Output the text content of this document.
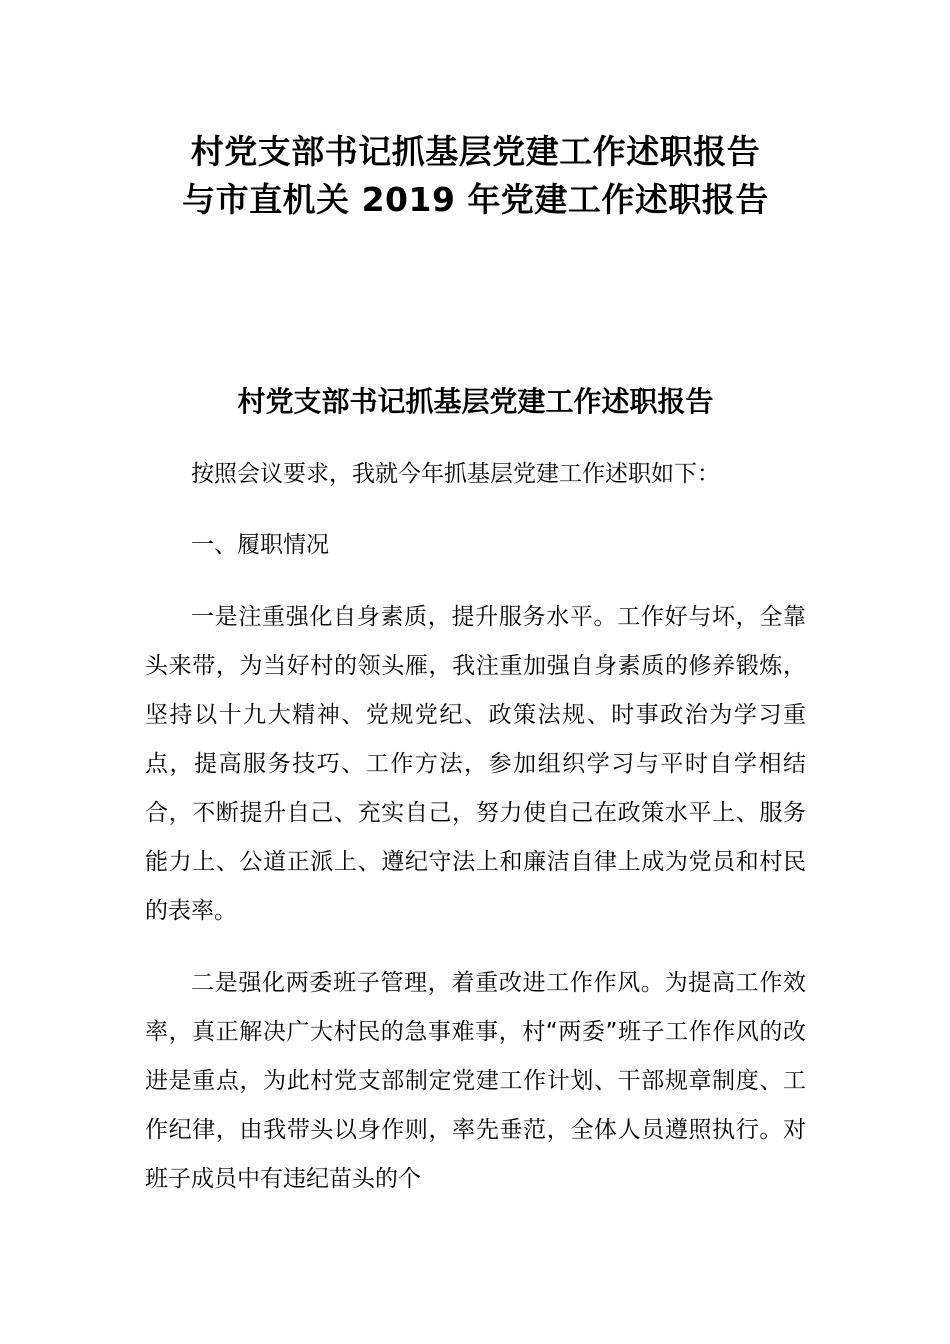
村党支部书记抓基层党建工作述职报告
与市直机关 2019 年党建工作述职报告
村党支部书记抓基层党建工作述职报告

按照会议要求，我就今年抓基层党建工作述职如下：

一、履职情况

一是注重强化自身素质，提升服务水平。工作好与坏，全靠头来带，为当好村的领头雁，我注重加强自身素质的修养锻炼，坚持以十九大精神、党规党纪、政策法规、时事政治为学习重点，提高服务技巧、工作方法，参加组织学习与平时自学相结合，不断提升自己、充实自己，努力使自己在政策水平上、服务能力上、公道正派上、遵纪守法上和廉洁自律上成为党员和村民的表率。

二是强化两委班子管理，着重改进工作作风。为提高工作效率，真正解决广大村民的急事难事，村“两委”班子工作作风的改进是重点，为此村党支部制定党建工作计划、干部规章制度、工作纪律，由我带头以身作则，率先垂范，全体人员遵照执行。对班子成员中有违纪苗头的个
